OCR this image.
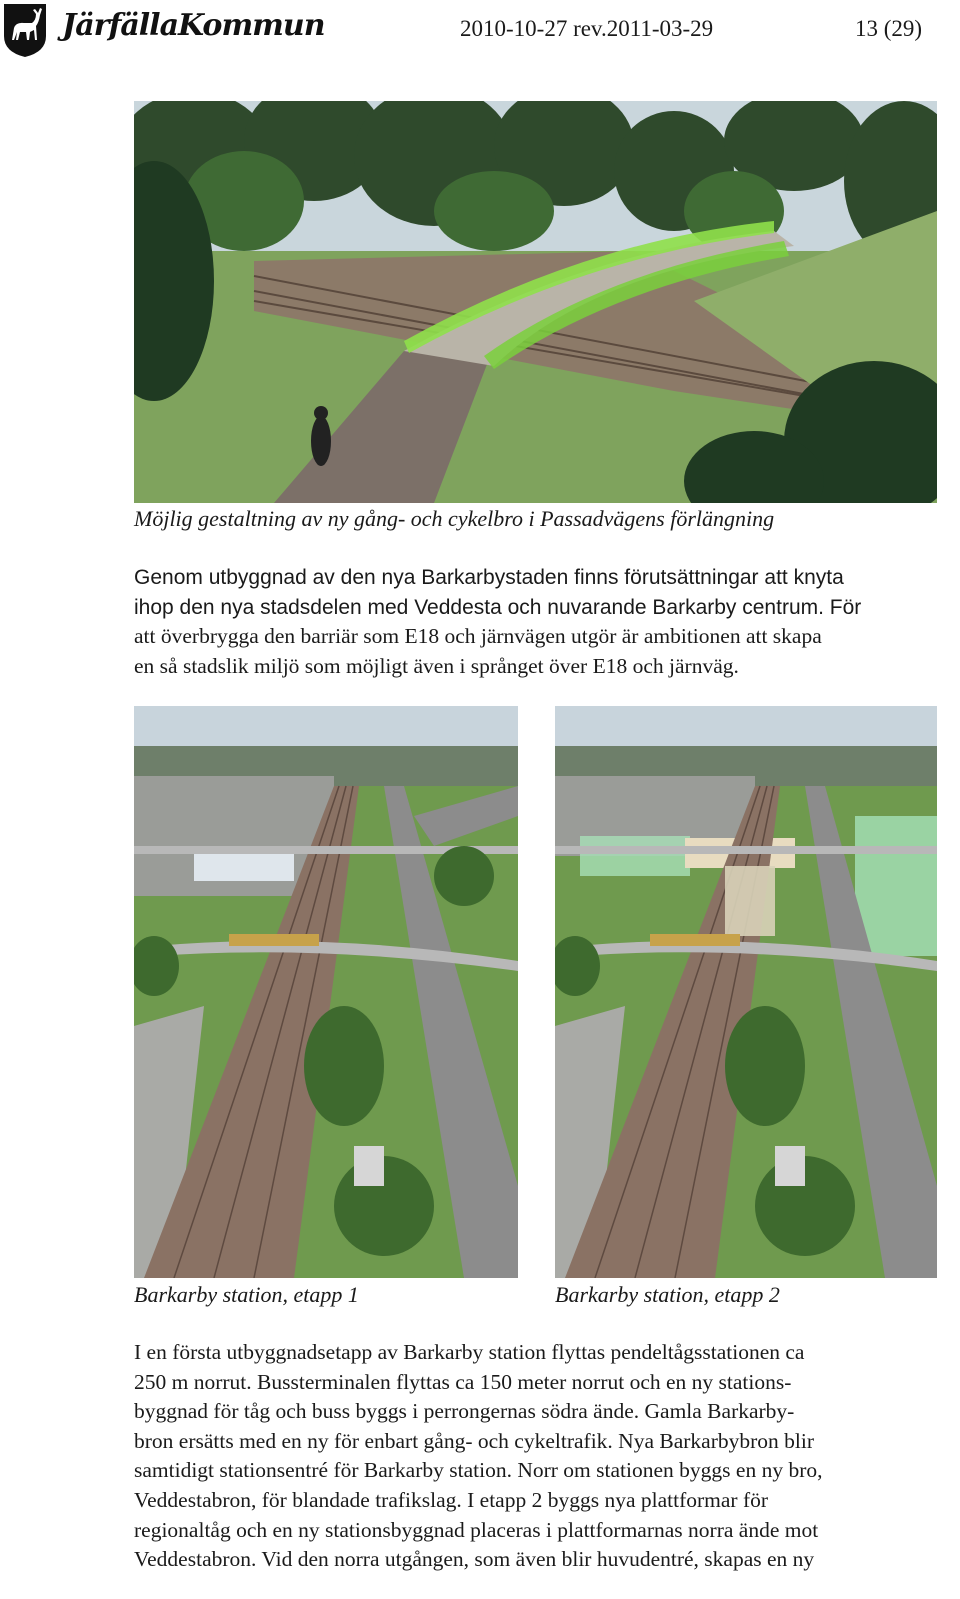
JärfällaKommun	2010-10-27 rev.2011-03-29	13 (29)
Möjlig gestaltning av ny gång- och cykelbro i Passadvägens förlängning
Genom utbyggnad av den nya Barkarbystaden finns förutsättningar att knyta
ihop den nya stadsdelen med Veddesta och nuvarande Barkarby centrum. För
att överbrygga den barriär som E18 och järnvägen utgör är ambitionen att skapa
en så stadslik miljö som möjligt även i språnget över E18 och järnväg.
Barkarby station, etapp 1	Barkarby station, etapp 2
I en första utbyggnadsetapp av Barkarby station flyttas pendeltågsstationen ca
250 m norrut. Bussterminalen flyttas ca 150 meter norrut och en ny stations-
byggnad för tåg och buss byggs i perrongernas södra ände. Gamla Barkarby-
bron ersätts med en ny för enbart gång- och cykeltrafik. Nya Barkarbybron blir
samtidigt stationsentré för Barkarby station. Norr om stationen byggs en ny bro,
Veddestabron, för blandade trafikslag. I etapp 2 byggs nya plattformar för
regionaltåg och en ny stationsbyggnad placeras i plattformarnas norra ände mot
Veddestabron. Vid den norra utgången, som även blir huvudentré, skapas en ny
